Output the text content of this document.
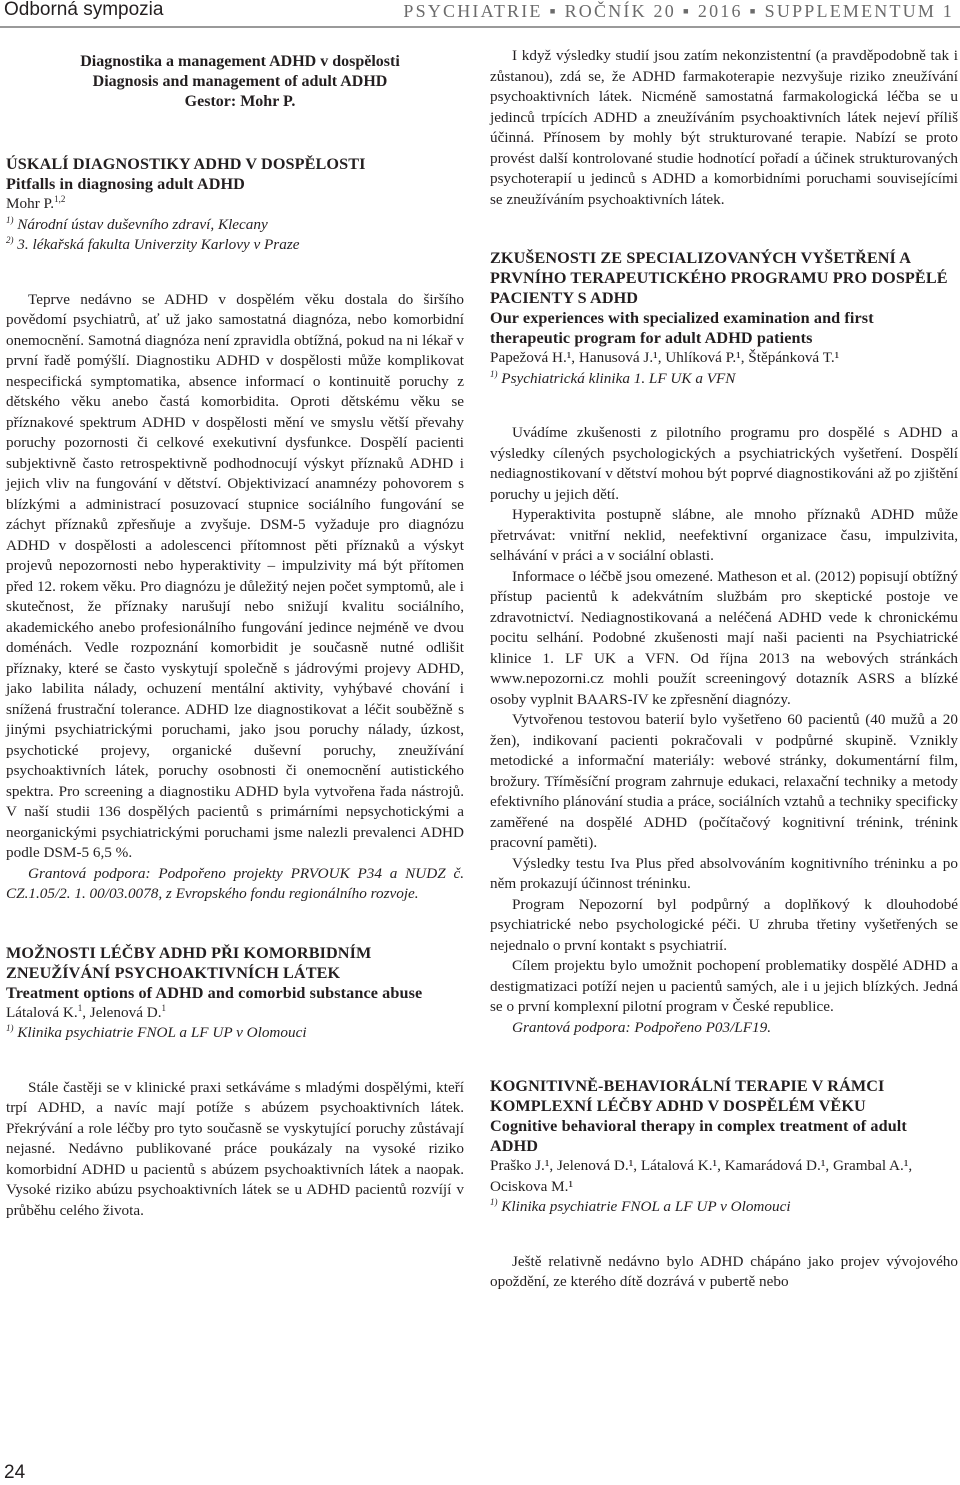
Odborná sympozia	PSYCHIATRIE ▪ ROČNÍK 20 ▪ 2016 ▪ SUPPLEMENTUM 1
Diagnostika a management ADHD v dospělosti
Diagnosis and management of adult ADHD
Gestor: Mohr P.

ÚSKALÍ DIAGNOSTIKY ADHD V DOSPĚLOSTI

Pitfalls in diagnosing adult ADHD

Mohr P.$^{1,2}$

$^{1)}$ Národní ústav duševního zdraví, Klecany

$^{2)}$ 3. lékařská fakulta Univerzity Karlovy v Praze

Teprve nedávno se ADHD v dospělém věku dostala do širšího povědomí psychiatrů, ať už jako samostatná diagnóza, nebo komorbidní onemocnění. Samotná diagnóza není zpravidla obtížná, pokud na ni lékař v první řadě pomýšlí. Diagnostiku ADHD v dospělosti může komplikovat nespecifická symptomatika, absence informací o kontinuitě poruchy z dětského věku anebo častá komorbidita. Oproti dětskému věku se příznakové spektrum ADHD v dospělosti mění ve smyslu větší převahy poruchy pozornosti či celkové exekutivní dysfunkce. Dospělí pacienti subjektivně často retrospektivně podhodnocují výskyt příznaků ADHD i jejich vliv na fungování v dětství. Objektivizací anamnézy pohovorem s blízkými a administrací posuzovací stupnice sociálního fungování se záchyt příznaků zpřesňuje a zvyšuje. DSM-5 vyžaduje pro diagnózu ADHD v dospělosti a adolescenci přítomnost pěti příznaků a výskyt projevů nepozornosti nebo hyperaktivity – impulzivity má být přítomen před 12. rokem věku. Pro diagnózu je důležitý nejen počet symptomů, ale i skutečnost, že příznaky narušují nebo snižují kvalitu sociálního, akademického anebo profesionálního fungování jedince nejméně ve dvou doménách. Vedle rozpoznání komorbidit je současně nutné odlišit příznaky, které se často vyskytují společně s jádrovými projevy ADHD, jako labilita nálady, ochuzení mentální aktivity, vyhýbavé chování i snížená frustrační tolerance. ADHD lze diagnostikovat a léčit souběžně s jinými psychiatrickými poruchami, jako jsou poruchy nálady, úzkost, psychotické projevy, organické duševní poruchy, zneužívání psychoaktivních látek, poruchy osobnosti či onemocnění autistického spektra. Pro screening a diagnostiku ADHD byla vytvořena řada nástrojů. V naší studii 136 dospělých pacientů s primárními nepsychotickými a neorganickými psychiatrickými poruchami jsme nalezli prevalenci ADHD podle DSM-5 6,5 %.

Grantová podpora: Podpořeno projekty PRVOUK P34 a NUDZ č. CZ.1.05/2. 1. 00/03.0078, z Evropského fondu regionálního rozvoje.

MOŽNOSTI LÉČBY ADHD PŘI KOMORBIDNÍM ZNEUŽÍVÁNÍ PSYCHOAKTIVNÍCH LÁTEK

Treatment options of ADHD and comorbid substance abuse

Látalová K.$^1$, Jelenová D.$^1$

$^{1)}$ Klinika psychiatrie FNOL a LF UP v Olomouci

Stále častěji se v klinické praxi setkáváme s mladými dospělými, kteří trpí ADHD, a navíc mají potíže s abúzem psychoaktivních látek. Překrývání a role léčby pro tyto současně se vyskytující poruchy zůstávají nejasné. Nedávno publikované práce poukázaly na vysoké riziko komorbidní ADHD u pacientů s abúzem psychoaktivních látek a naopak. Vysoké riziko abúzu psychoaktivních látek se u ADHD pacientů rozvíjí v průběhu celého života.

I když výsledky studií jsou zatím nekonzistentní (a pravděpodobně tak i zůstanou), zdá se, že ADHD farmakoterapie nezvyšuje riziko zneužívání psychoaktivních látek. Nicméně samostatná farmakologická léčba se u jedinců trpících ADHD a zneužíváním psychoaktivních látek nejeví příliš účinná. Přínosem by mohly být strukturované terapie. Nabízí se proto provést další kontrolované studie hodnotící pořadí a účinek strukturovaných psychoterapií u jedinců s ADHD a komorbidními poruchami souvisejícími se zneužíváním psychoaktivních látek.

ZKUŠENOSTI ZE SPECIALIZOVANÝCH VYŠETŘENÍ A PRVNÍHO TERAPEUTICKÉHO PROGRAMU PRO DOSPĚLÉ PACIENTY S ADHD

Our experiences with specialized examination and first therapeutic program for adult ADHD patients

Papežová H.¹, Hanusová J.¹, Uhlíková P.¹, Štěpánková T.¹

$^{1)}$ Psychiatrická klinika 1. LF UK a VFN

Uvádíme zkušenosti z pilotního programu pro dospělé s ADHD a výsledky cílených psychologických a psychiatrických vyšetření. Dospělí nediagnostikovaní v dětství mohou být poprvé diagnostikováni až po zjištění poruchy u jejich dětí.

Hyperaktivita postupně slábne, ale mnoho příznaků ADHD může přetrvávat: vnitřní neklid, neefektivní organizace času, impulzivita, selhávání v práci a v sociální oblasti.

Informace o léčbě jsou omezené. Matheson et al. (2012) popisují obtížný přístup pacientů k adekvátním službám pro skeptické postoje ve zdravotnictví. Nediagnostikovaná a neléčená ADHD vede k chronickému pocitu selhání. Podobné zkušenosti mají naši pacienti na Psychiatrické klinice 1. LF UK a VFN. Od října 2013 na webových stránkách www.nepozorni.cz mohli použít screeningový dotazník ASRS a blízké osoby vyplnit BAARS-IV ke zpřesnění diagnózy.

Vytvořenou testovou baterií bylo vyšetřeno 60 pacientů (40 mužů a 20 žen), indikovaní pacienti pokračovali v podpůrné skupině. Vznikly metodické a informační materiály: webové stránky, dokumentární film, brožury. Tříměsíční program zahrnuje edukaci, relaxační techniky a metody efektivního plánování studia a práce, sociálních vztahů a techniky specificky zaměřené na dospělé ADHD (počítačový kognitivní trénink, trénink pracovní paměti).

Výsledky testu Iva Plus před absolvováním kognitivního tréninku a po něm prokazují účinnost tréninku.

Program Nepozorní byl podpůrný a doplňkový k dlouhodobé psychiatrické nebo psychologické péči. U zhruba třetiny vyšetřených se nejednalo o první kontakt s psychiatrií.

Cílem projektu bylo umožnit pochopení problematiky dospělé ADHD a destigmatizaci potíží nejen u pacientů samých, ale i u jejich blízkých. Jedná se o první komplexní pilotní program v České republice.

Grantová podpora: Podpořeno P03/LF19.

KOGNITIVNĚ-BEHAVIORÁLNÍ TERAPIE V RÁMCI KOMPLEXNÍ LÉČBY ADHD V DOSPĚLÉM VĚKU

Cognitive behavioral therapy in complex treatment of adult ADHD

Praško J.¹, Jelenová D.¹, Látalová K.¹, Kamarádová D.¹, Grambal A.¹, Ociskova M.¹

$^{1)}$ Klinika psychiatrie FNOL a LF UP v Olomouci

Ještě relativně nedávno bylo ADHD chápáno jako projev vývojového opoždění, ze kterého dítě dozrává v pubertě nebo

24
